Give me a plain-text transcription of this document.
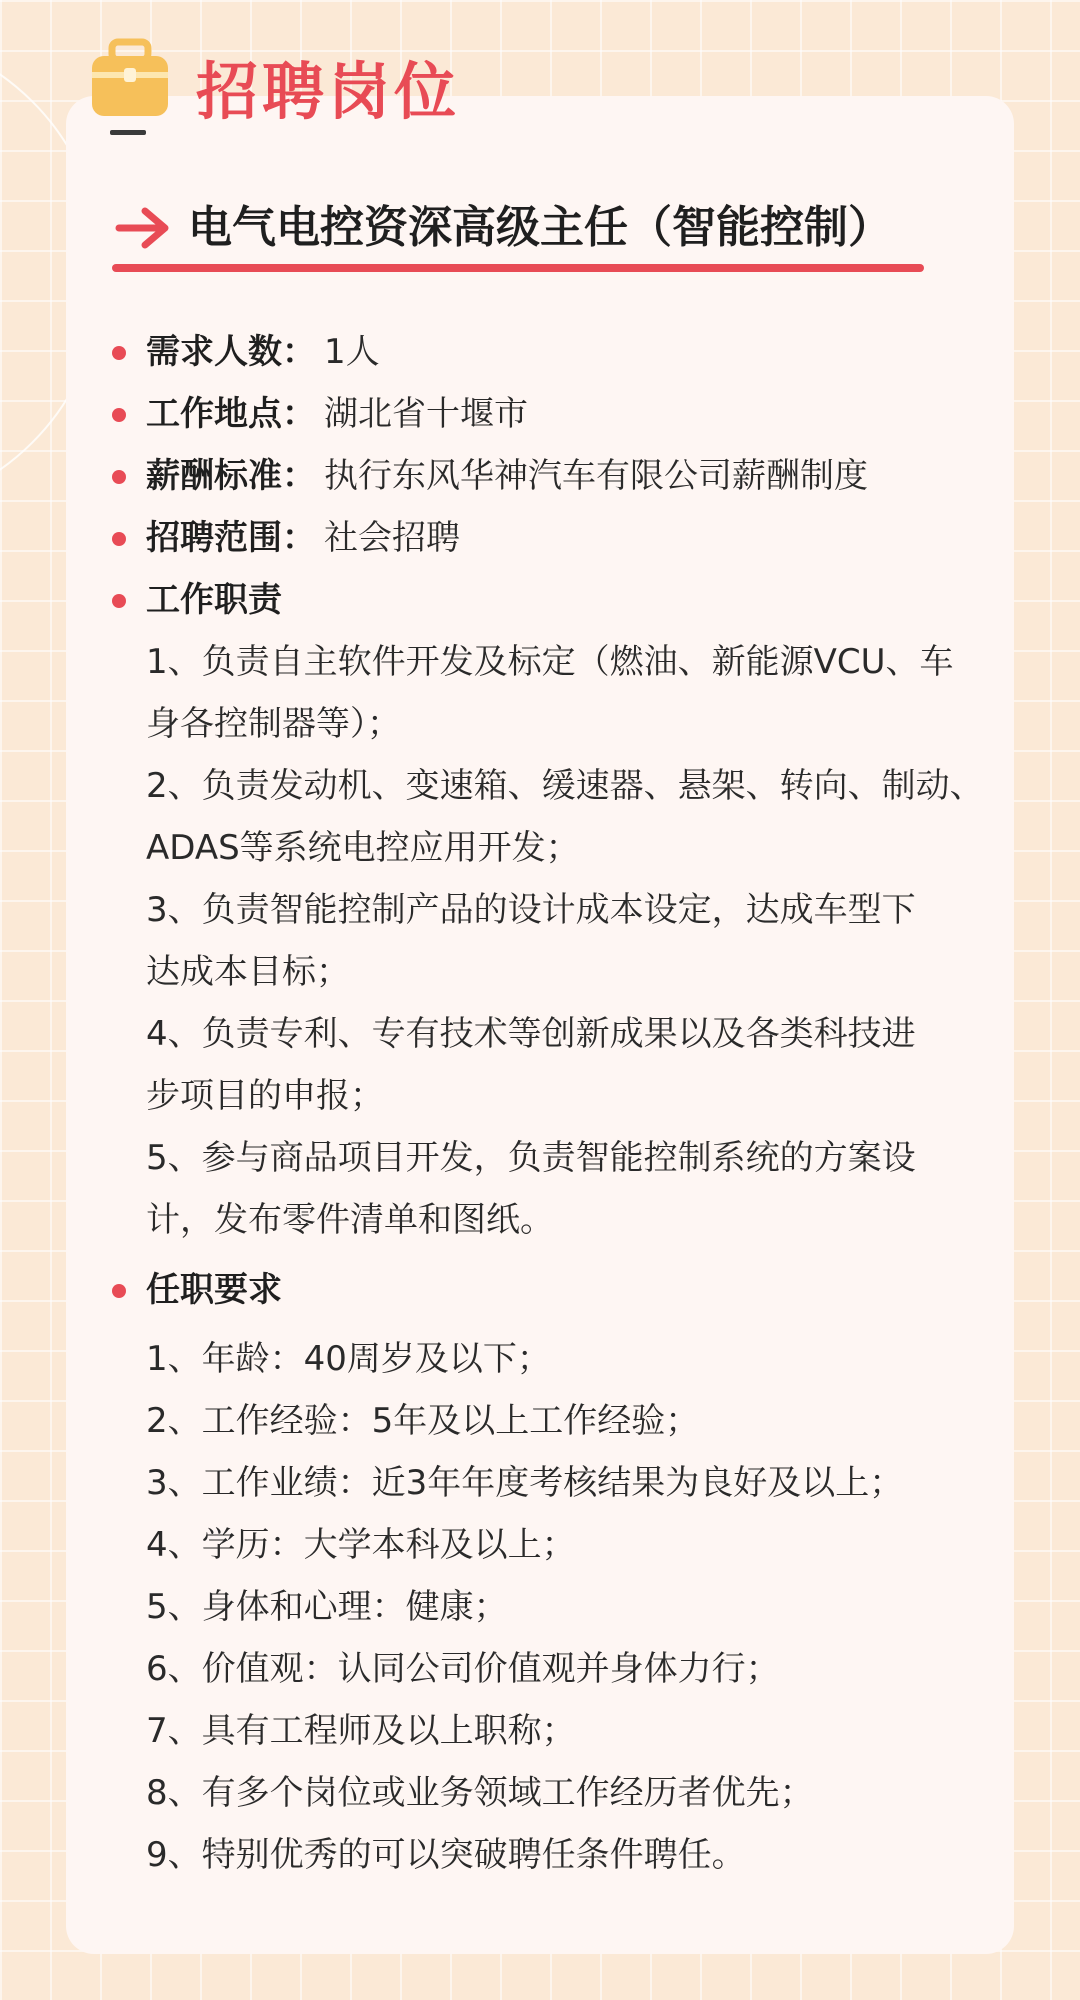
招聘岗位
电气电控资深高级主任（智能控制）
需求人数： 1人
工作地点： 湖北省十堰市
薪酬标准： 执行东风华神汽车有限公司薪酬制度
招聘范围： 社会招聘
工作职责
1、负责自主软件开发及标定（燃油、新能源VCU、车
身各控制器等）；
2、负责发动机、变速箱、缓速器、悬架、转向、制动、
ADAS等系统电控应用开发；
3、负责智能控制产品的设计成本设定，达成车型下
达成本目标；
4、负责专利、专有技术等创新成果以及各类科技进
步项目的申报；
5、参与商品项目开发，负责智能控制系统的方案设
计，发布零件清单和图纸。
任职要求
1、年龄：40周岁及以下；
2、工作经验：5年及以上工作经验；
3、工作业绩：近3年年度考核结果为良好及以上；
4、学历：大学本科及以上；
5、身体和心理：健康；
6、价值观：认同公司价值观并身体力行；
7、具有工程师及以上职称；
8、有多个岗位或业务领域工作经历者优先；
9、特别优秀的可以突破聘任条件聘任。
